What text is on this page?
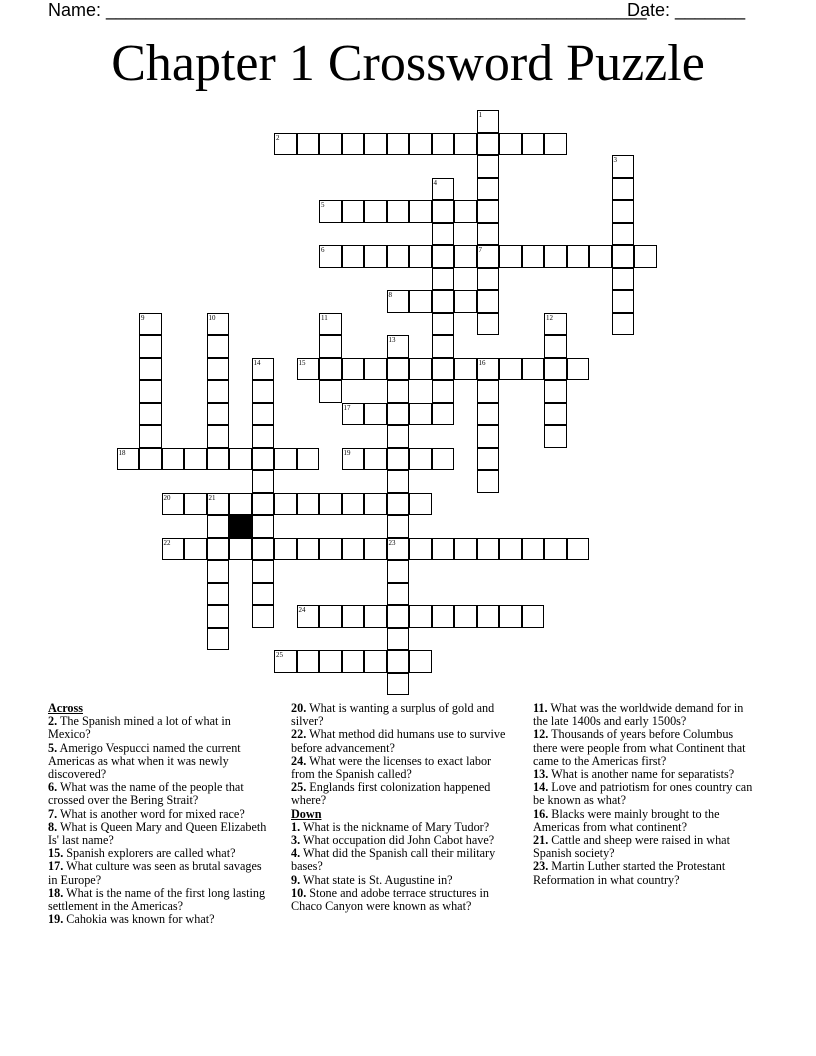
Name: ______________________________________________________
Date: _______
Chapter 1 Crossword Puzzle
2
5
6	7
8
15	16
17
18	19
20	21
22	23
24
25
1
3
4
9	10	11	12
13
14

Across

2. The Spanish mined a lot of what in Mexico?

5. Amerigo Vespucci named the current Americas as what when it was newly discovered?

6. What was the name of the people that crossed over the Bering Strait?

7. What is another word for mixed race?

8. What is Queen Mary and Queen Elizabeth Is' last name?

15. Spanish explorers are called what?

17. What culture was seen as brutal savages in Europe?

18. What is the name of the first long lasting settlement in the Americas?

19. Cahokia was known for what?

20. What is wanting a surplus of gold and silver?

22. What method did humans use to survive before advancement?

24. What were the licenses to exact labor from the Spanish called?

25. Englands first colonization happened where?

Down

1. What is the nickname of Mary Tudor?

3. What occupation did John Cabot have?

4. What did the Spanish call their military bases?

9. What state is St. Augustine in?

10. Stone and adobe terrace structures in Chaco Canyon were known as what?

11. What was the worldwide demand for in the late 1400s and early 1500s?

12. Thousands of years before Columbus there were people from what Continent that came to the Americas first?

13. What is another name for separatists?

14. Love and patriotism for ones country can be known as what?

16. Blacks were mainly brought to the Americas from what continent?

21. Cattle and sheep were raised in what Spanish society?

23. Martin Luther started the Protestant Reformation in what country?
